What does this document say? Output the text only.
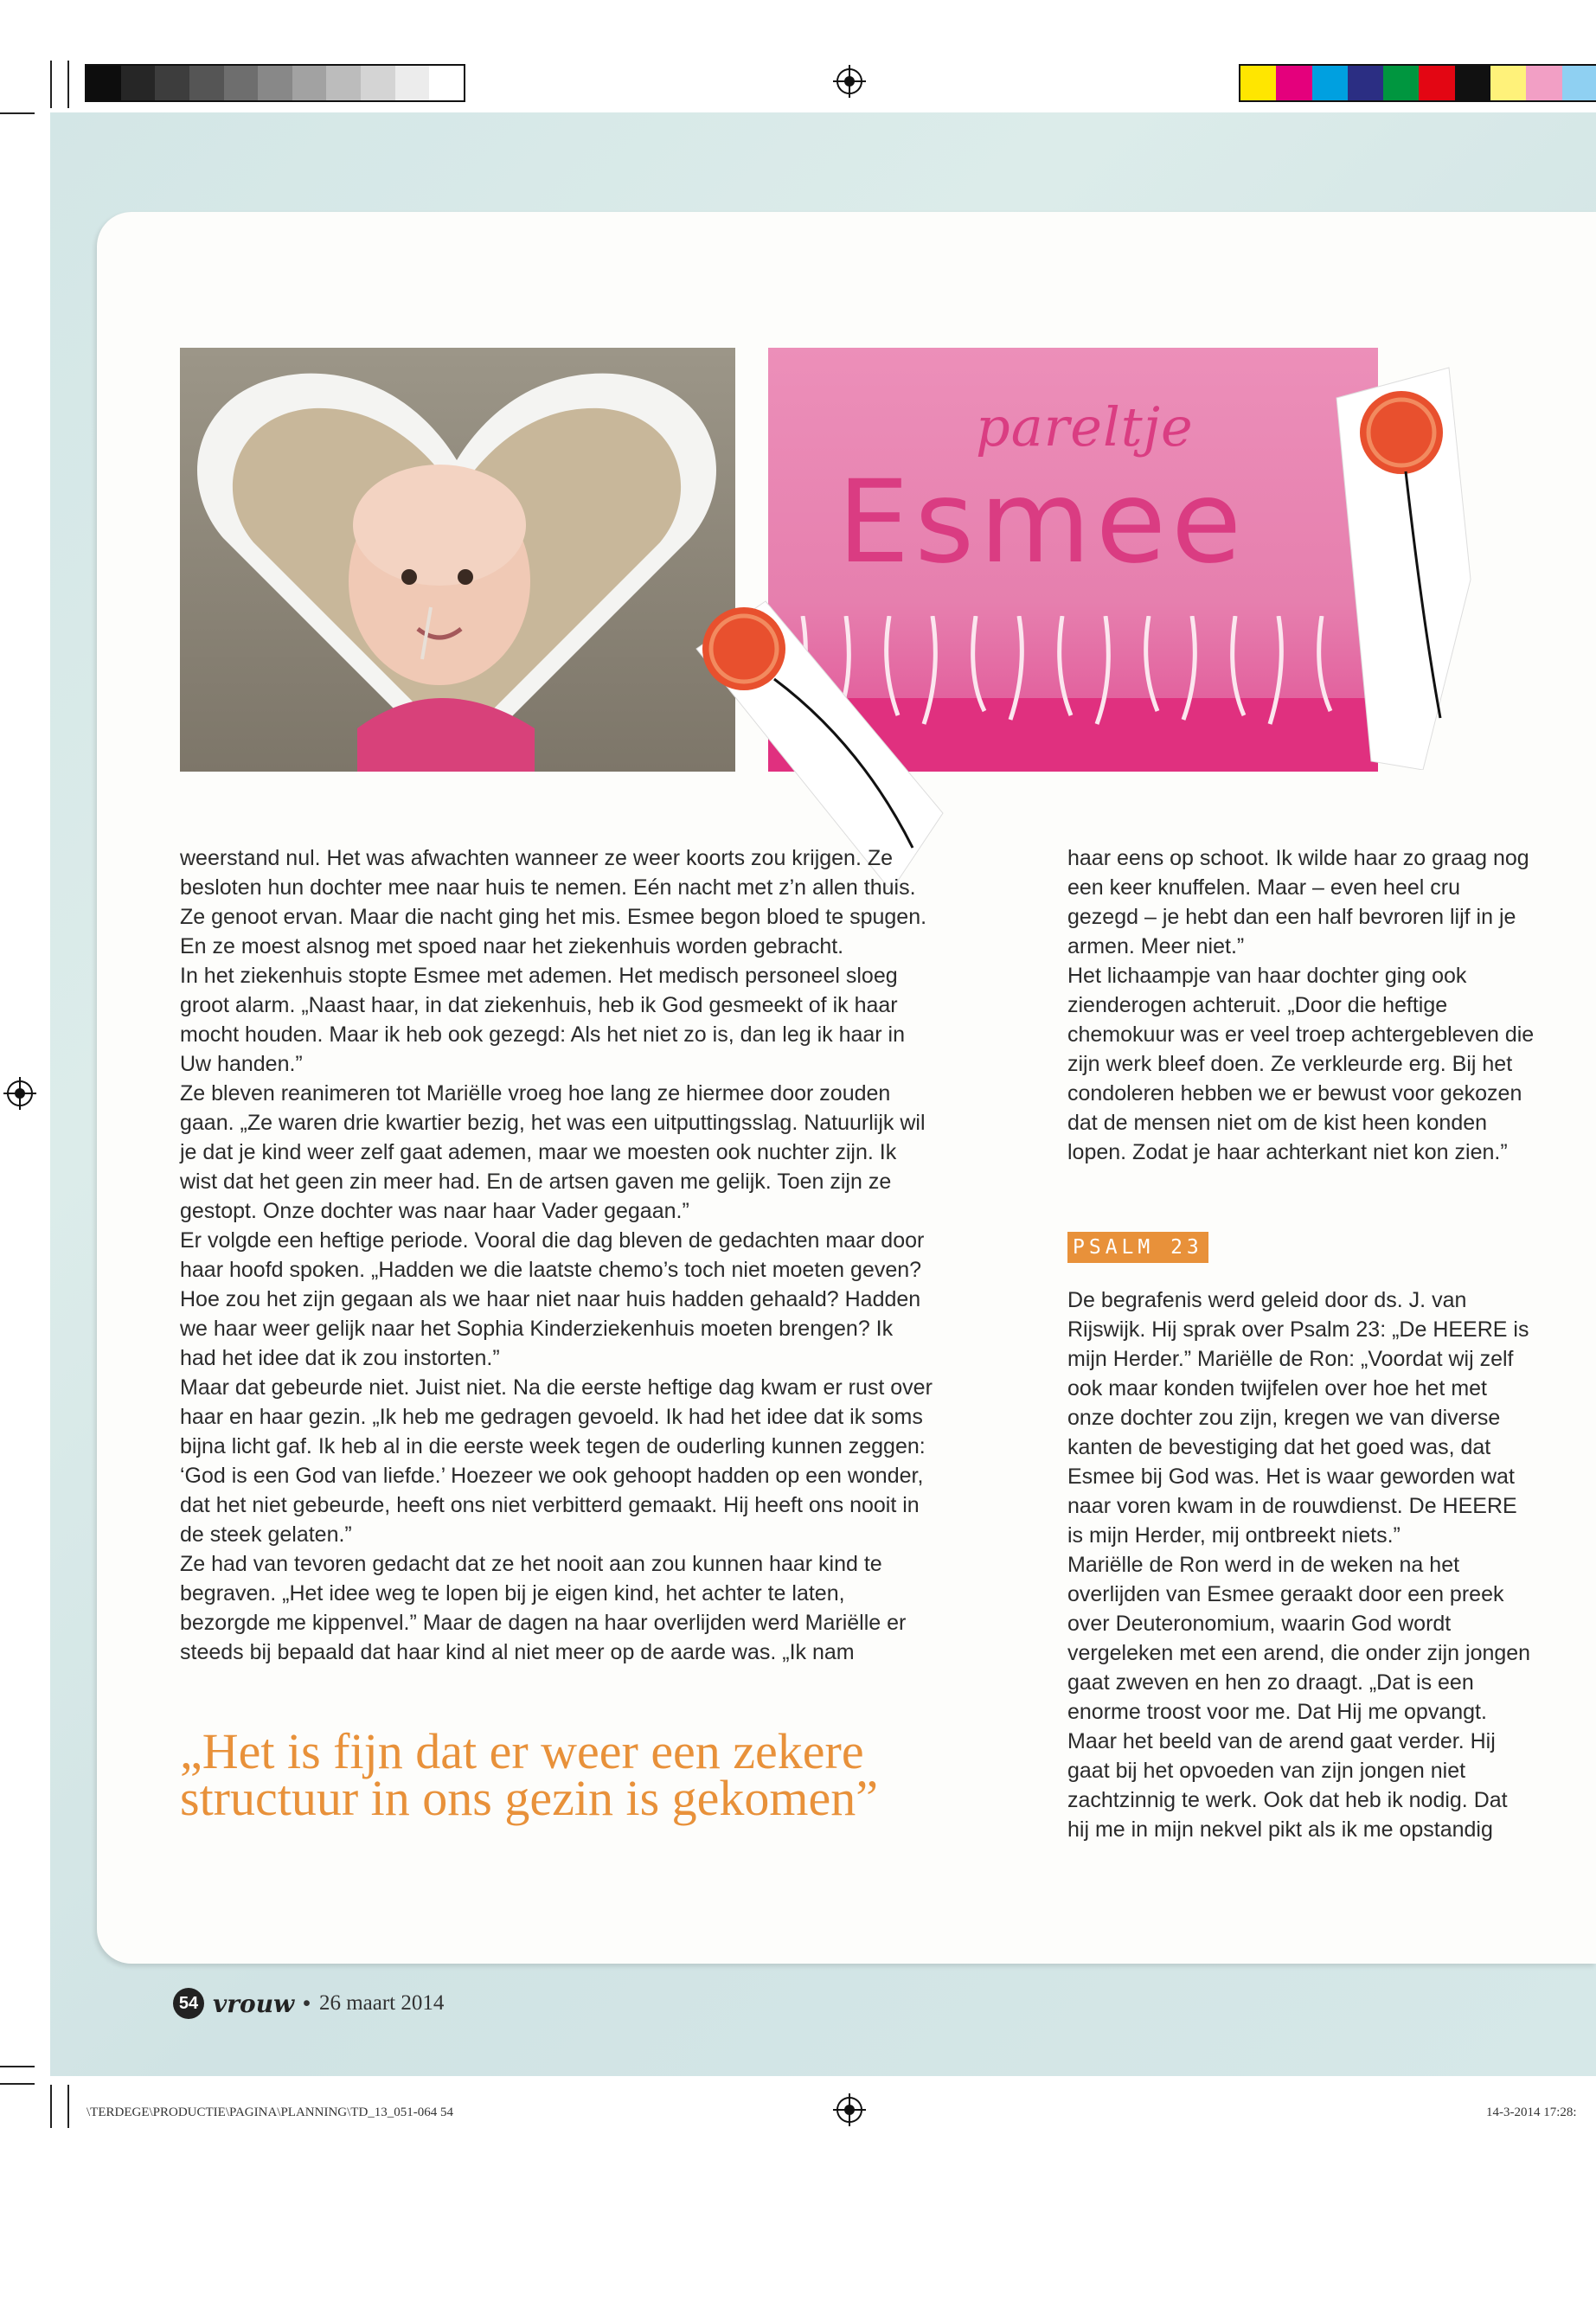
pareltje
Esmee

weerstand nul. Het was afwachten wanneer ze weer koorts zou krijgen. Ze besloten hun dochter mee naar huis te nemen. Eén nacht met z’n allen thuis. Ze genoot ervan. Maar die nacht ging het mis. Esmee begon bloed te spugen. En ze moest alsnog met spoed naar het ziekenhuis worden gebracht.

In het ziekenhuis stopte Esmee met ademen. Het medisch personeel sloeg groot alarm. „Naast haar, in dat ziekenhuis, heb ik God gesmeekt of ik haar mocht houden. Maar ik heb ook gezegd: Als het niet zo is, dan leg ik haar in Uw handen.”

Ze bleven reanimeren tot Mariëlle vroeg hoe lang ze hiermee door zouden gaan. „Ze waren drie kwartier bezig, het was een uitputtingsslag. Natuurlijk wil je dat je kind weer zelf gaat ademen, maar we moesten ook nuchter zijn. Ik wist dat het geen zin meer had. En de artsen gaven me gelijk. Toen zijn ze gestopt. Onze dochter was naar haar Vader gegaan.”

Er volgde een heftige periode. Vooral die dag bleven de gedachten maar door haar hoofd spoken. „Hadden we die laatste chemo’s toch niet moeten geven? Hoe zou het zijn gegaan als we haar niet naar huis hadden gehaald? Hadden we haar weer gelijk naar het Sophia Kinderziekenhuis moeten brengen? Ik had het idee dat ik zou instorten.”

Maar dat gebeurde niet. Juist niet. Na die eerste heftige dag kwam er rust over haar en haar gezin. „Ik heb me gedragen gevoeld. Ik had het idee dat ik soms bijna licht gaf. Ik heb al in die eerste week tegen de ouderling kunnen zeggen: ‘God is een God van liefde.’ Hoezeer we ook gehoopt hadden op een wonder, dat het niet gebeurde, heeft ons niet verbitterd gemaakt. Hij heeft ons nooit in de steek gelaten.”

Ze had van tevoren gedacht dat ze het nooit aan zou kunnen haar kind te begraven. „Het idee weg te lopen bij je eigen kind, het achter te laten, bezorgde me kippenvel.” Maar de dagen na haar overlijden werd Mariëlle er steeds bij bepaald dat haar kind al niet meer op de aarde was. „Ik nam

„Het is fijn dat er weer een zekere structuur in ons gezin is gekomen”

haar eens op schoot. Ik wilde haar zo graag nog een keer knuffelen. Maar – even heel cru gezegd – je hebt dan een half bevroren lijf in je armen. Meer niet.”

Het lichaampje van haar dochter ging ook zienderogen achteruit. „Door die heftige chemokuur was er veel troep achtergebleven die zijn werk bleef doen. Ze verkleurde erg. Bij het condoleren hebben we er bewust voor gekozen dat de mensen niet om de kist heen konden lopen. Zodat je haar achterkant niet kon zien.”

PSALM 23

De begrafenis werd geleid door ds. J. van Rijswijk. Hij sprak over Psalm 23: „De HEERE is mijn Herder.” Mariëlle de Ron: „Voordat wij zelf ook maar konden twijfelen over hoe het met onze dochter zou zijn, kregen we van diverse kanten de bevestiging dat het goed was, dat Esmee bij God was. Het is waar geworden wat naar voren kwam in de rouwdienst. De HEERE is mijn Herder, mij ontbreekt niets.”

Mariëlle de Ron werd in de weken na het overlijden van Esmee geraakt door een preek over Deuteronomium, waarin God wordt vergeleken met een arend, die onder zijn jongen gaat zweven en hen zo draagt. „Dat is een enorme troost voor me. Dat Hij me opvangt. Maar het beeld van de arend gaat verder. Hij gaat bij het opvoeden van zijn jongen niet zachtzinnig te werk. Ook dat heb ik nodig. Dat hij me in mijn nekvel pikt als ik me opstandig

54 vrouw • 26 maart 2014
\TERDEGE\PRODUCTIE\PAGINA\PLANNING\TD_13_051-064 54	14-3-2014 17:28:
